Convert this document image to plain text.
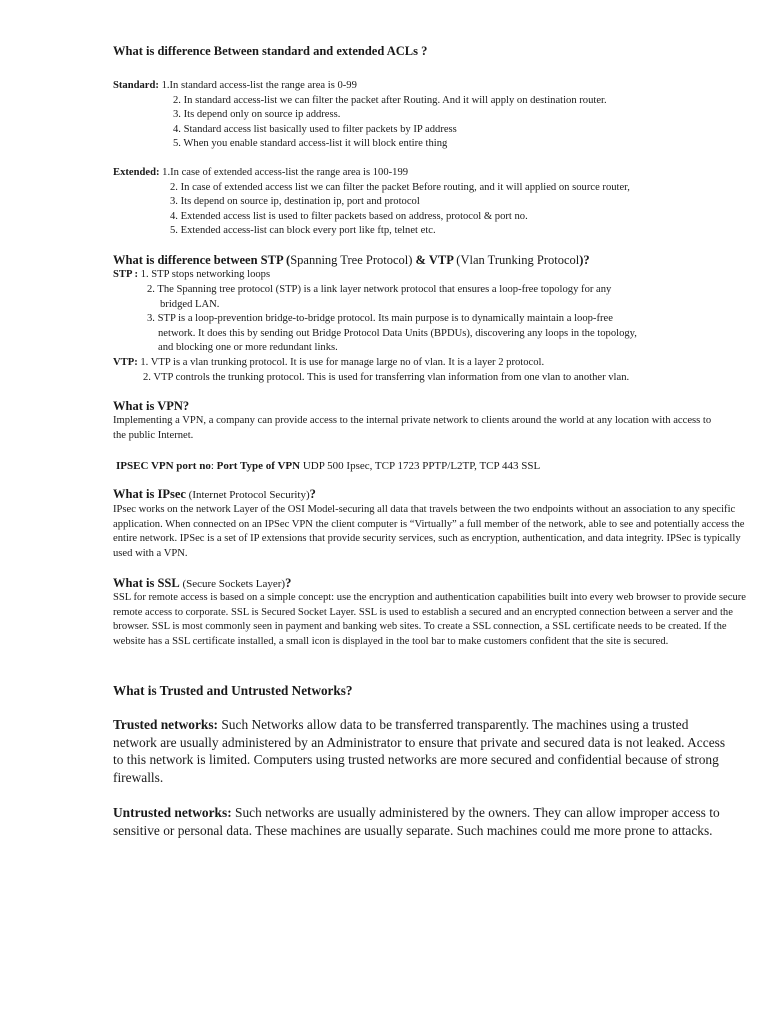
What is difference Between standard and extended ACLs ?
Standard: 1.In standard access-list the range area is 0-99
2. In standard access-list we can filter the packet after Routing. And it will apply on destination router.
3. Its depend only on source ip address.
4. Standard access list basically used to filter packets by IP address
5. When you enable standard access-list it will block entire thing
Extended: 1.In case of extended access-list the range area is 100-199
2. In case of extended access list we can filter the packet Before routing, and it will applied on source router,
3. Its depend on source ip, destination ip, port and protocol
4. Extended access list is used to filter packets based on address, protocol & port no.
5. Extended access-list can block every port like ftp, telnet etc.
What is difference between STP (Spanning Tree Protocol) & VTP (Vlan Trunking Protocol)?
STP : 1. STP stops networking loops
2. The Spanning tree protocol (STP) is a link layer network protocol that ensures a loop-free topology for any
bridged LAN.
3. STP is a loop-prevention bridge-to-bridge protocol. Its main purpose is to dynamically maintain a loop-free
network. It does this by sending out Bridge Protocol Data Units (BPDUs), discovering any loops in the topology,
and blocking one or more redundant links.
VTP: 1. VTP is a vlan trunking protocol. It is use for manage large no of vlan. It is a layer 2 protocol.
2. VTP controls the trunking protocol. This is used for transferring vlan information from one vlan to another vlan.
What is VPN?
Implementing a VPN, a company can provide access to the internal private network to clients around the world at any location with access to the public Internet.
IPSEC VPN port no: Port Type of VPN UDP 500 Ipsec, TCP 1723 PPTP/L2TP, TCP 443 SSL
What is IPsec (Internet Protocol Security)?
IPsec works on the network Layer of the OSI Model-securing all data that travels between the two endpoints without an association to any specific application. When connected on an IPSec VPN the client computer is “Virtually” a full member of the network, able to see and potentially access the entire network. IPSec is a set of IP extensions that provide security services, such as encryption, authentication, and data integrity. IPSec is typically used with a VPN.
What is SSL (Secure Sockets Layer)?
SSL for remote access is based on a simple concept: use the encryption and authentication capabilities built into every web browser to provide secure remote access to corporate. SSL is Secured Socket Layer. SSL is used to establish a secured and an encrypted connection between a server and the browser. SSL is most commonly seen in payment and banking web sites. To create a SSL connection, a SSL certificate needs to be created. If the website has a SSL certificate installed, a small icon is displayed in the tool bar to make customers confident that the site is secured.
What is Trusted and Untrusted Networks?
Trusted networks: Such Networks allow data to be transferred transparently. The machines using a trusted network are usually administered by an Administrator to ensure that private and secured data is not leaked. Access to this network is limited. Computers using trusted networks are more secured and confidential because of strong firewalls.
Untrusted networks: Such networks are usually administered by the owners. They can allow improper access to sensitive or personal data. These machines are usually separate. Such machines could me more prone to attacks.
